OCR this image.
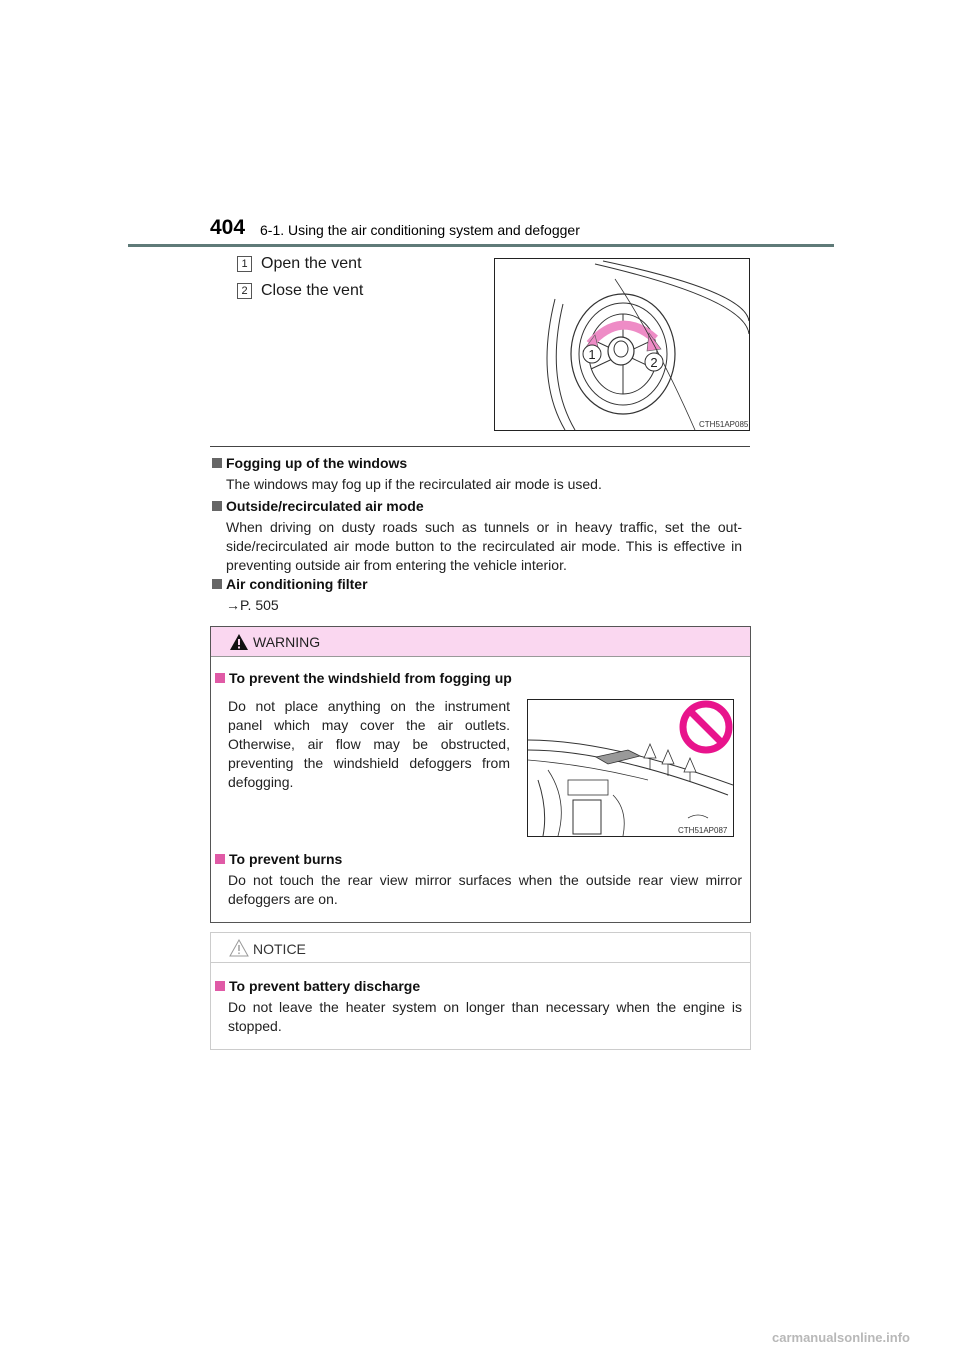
404 6-1. Using the air conditioning system and defogger
1 Open the vent
2 Close the vent
1
2
CTH51AP085
Fogging up of the windows
The windows may fog up if the recirculated air mode is used.
Outside/recirculated air mode
When driving on dusty roads such as tunnels or in heavy traffic, set the out-side/recirculated air mode button to the recirculated air mode. This is effective in preventing outside air from entering the vehicle interior.
Air conditioning filter
→P. 505
WARNING
To prevent the windshield from fogging up
Do not place anything on the instrument panel which may cover the air outlets. Otherwise, air flow may be obstructed, preventing the windshield defoggers from defogging.
CTH51AP087
To prevent burns
Do not touch the rear view mirror surfaces when the outside rear view mirror defoggers are on.
NOTICE
To prevent battery discharge
Do not leave the heater system on longer than necessary when the engine is stopped.
carmanualsonline.info
